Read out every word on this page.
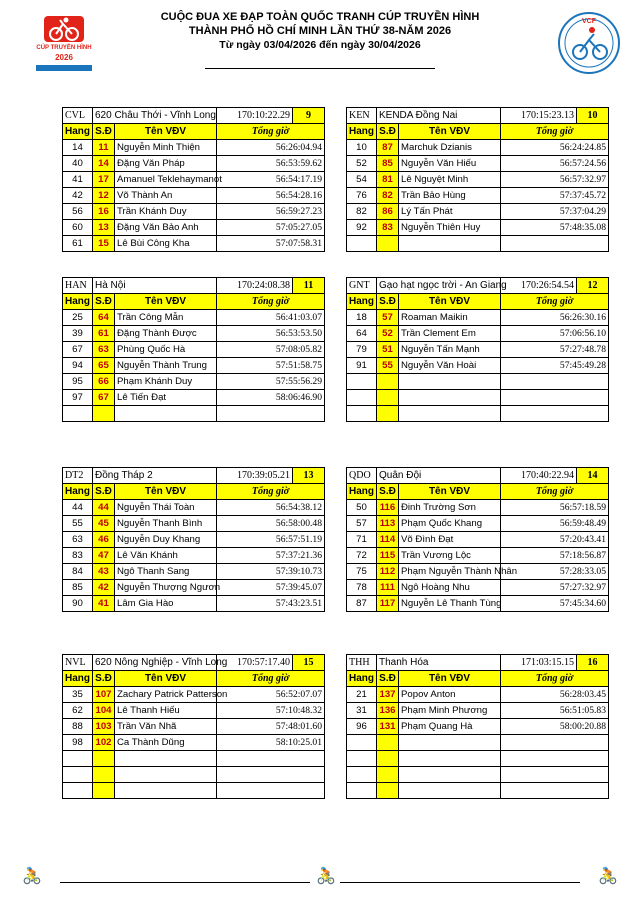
CÚP TRUYỀN HÌNH
2026
VCF
CUỘC ĐUA XE ĐẠP TOÀN QUỐC TRANH CÚP TRUYỀN HÌNH
THÀNH PHỐ HỒ CHÍ MINH LẦN THỨ 38-NĂM 2026
Từ ngày 03/04/2026 đến ngày 30/04/2026
CVL	620 Châu Thới - Vĩnh Long		170:10:22.29	9
Hang	S.Đ	Tên VĐV	Tổng giờ	
14	11	Nguyễn Minh Thiện	56:26:04.94	
40	14	Đặng Văn Pháp	56:53:59.62	
41	17	Amanuel Teklehaymanot	56:54:17.19	
42	12	Võ Thành An	56:54:28.16	
56	16	Trần Khánh Duy	56:59:27.23	
60	13	Đặng Văn Bảo Anh	57:05:27.05	
61	15	Lê Bùi Công Kha	57:07:58.31	
KEN	KENDA Đồng Nai		170:15:23.13	10
Hang	S.Đ	Tên VĐV	Tổng giờ	
10	87	Marchuk Dzianis	56:24:24.85	
52	85	Nguyễn Văn Hiếu	56:57:24.56	
54	81	Lê Nguyệt Minh	56:57:32.97	
76	82	Trần Bảo Hùng	57:37:45.72	
82	86	Lý Tấn Phát	57:37:04.29	
92	83	Nguyễn Thiên Huy	57:48:35.08	

HAN	Hà Nội		170:24:08.38	11
Hang	S.Đ	Tên VĐV	Tổng giờ	
25	64	Trần Công Mẫn	56:41:03.07	
39	61	Đặng Thành Được	56:53:53.50	
67	63	Phùng Quốc Hà	57:08:05.82	
94	65	Nguyễn Thành Trung	57:51:58.75	
95	66	Phạm Khánh Duy	57:55:56.29	
97	67	Lê Tiến Đạt	58:06:46.90	

GNT	Gạo hạt ngọc trời - An Giang		170:26:54.54	12
Hang	S.Đ	Tên VĐV	Tổng giờ	
18	57	Roaman Maikin	56:26:30.16	
64	52	Trần Clement Em	57:06:56.10	
79	51	Nguyễn Tấn Mạnh	57:27:48.78	
91	55	Nguyễn Văn Hoài	57:45:49.28	

DT2	Đồng Tháp 2		170:39:05.21	13
Hang	S.Đ	Tên VĐV	Tổng giờ	
44	44	Nguyễn Thái Toàn	56:54:38.12	
55	45	Nguyễn Thanh Bình	56:58:00.48	
63	46	Nguyễn Duy Khang	56:57:51.19	
83	47	Lê Văn Khánh	57:37:21.36	
84	43	Ngô Thanh Sang	57:39:10.73	
85	42	Nguyễn Thượng Ngươn	57:39:45.07	
90	41	Lâm Gia Hào	57:43:23.51	
QDO	Quân Đội		170:40:22.94	14
Hang	S.Đ	Tên VĐV	Tổng giờ	
50	116	Đinh Trường Sơn	56:57:18.59	
57	113	Phạm Quốc Khang	56:59:48.49	
71	114	Võ Đình Đạt	57:20:43.41	
72	115	Trần Vương Lộc	57:18:56.87	
75	112	Phạm Nguyễn Thành Nhân	57:28:33.05	
78	111	Ngô Hoàng Nhu	57:27:32.97	
87	117	Nguyễn Lê Thanh Tùng	57:45:34.60	
NVL	620 Nông Nghiệp - Vĩnh Long		170:57:17.40	15
Hang	S.Đ	Tên VĐV	Tổng giờ	
35	107	Zachary Patrick Patterson	56:52:07.07	
62	104	Lê Thanh Hiếu	57:10:48.32	
88	103	Trần Văn Nhã	57:48:01.60	
98	102	Ca Thành Dũng	58:10:25.01	

THH	Thanh Hóa		171:03:15.15	16
Hang	S.Đ	Tên VĐV	Tổng giờ	
21	137	Popov Anton	56:28:03.45	
31	136	Phạm Minh Phương	56:51:05.83	
96	131	Phạm Quang Hà	58:00:20.88	

🚴	🚴	🚴
